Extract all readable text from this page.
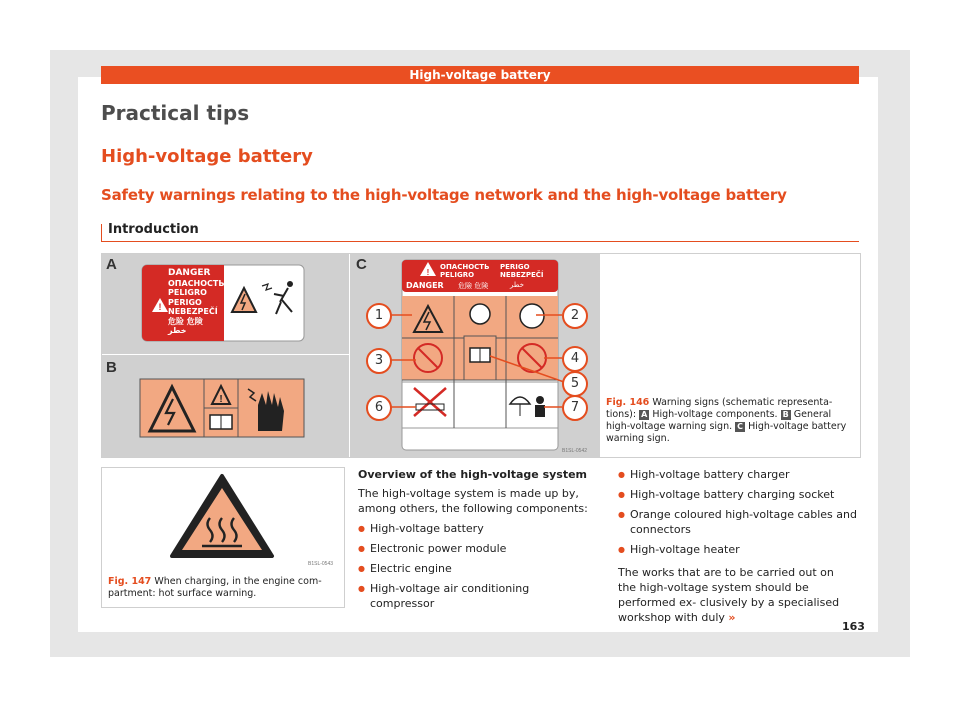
High-voltage battery
Practical tips
High-voltage battery
Safety warnings relating to the high-voltage network and the high-voltage battery
Introduction
A
!
DANGER
ОПАСНОСТЬ
PELIGRO
PERIGO
NEBEZPEČÍ
危险 危険
خطر
B
!
C	!
ОПАСНОСТЬ
PELIGRO
PERIGO
NEBEZPEČÍ
DANGER 危險 危険	خطر
1	2
3	4
5
6	7
B1SL-0542
Fig. 146 Warning signs (schematic representa- tions): A High-voltage components. B General high-voltage warning sign. C High-voltage battery warning sign.
B1SL-0543
Fig. 147 When charging, in the engine com- partment: hot surface warning.
Overview of the high-voltage system
The high-voltage system is made up by, among others, the following components:
● High-voltage battery
● Electronic power module
● Electric engine
● High-voltage air conditioning compressor
● High-voltage battery charger
● High-voltage battery charging socket
● Orange coloured high-voltage cables and connectors
● High-voltage heater
The works that are to be carried out on the high-voltage system should be performed ex- clusively by a specialised workshop with duly »
163
